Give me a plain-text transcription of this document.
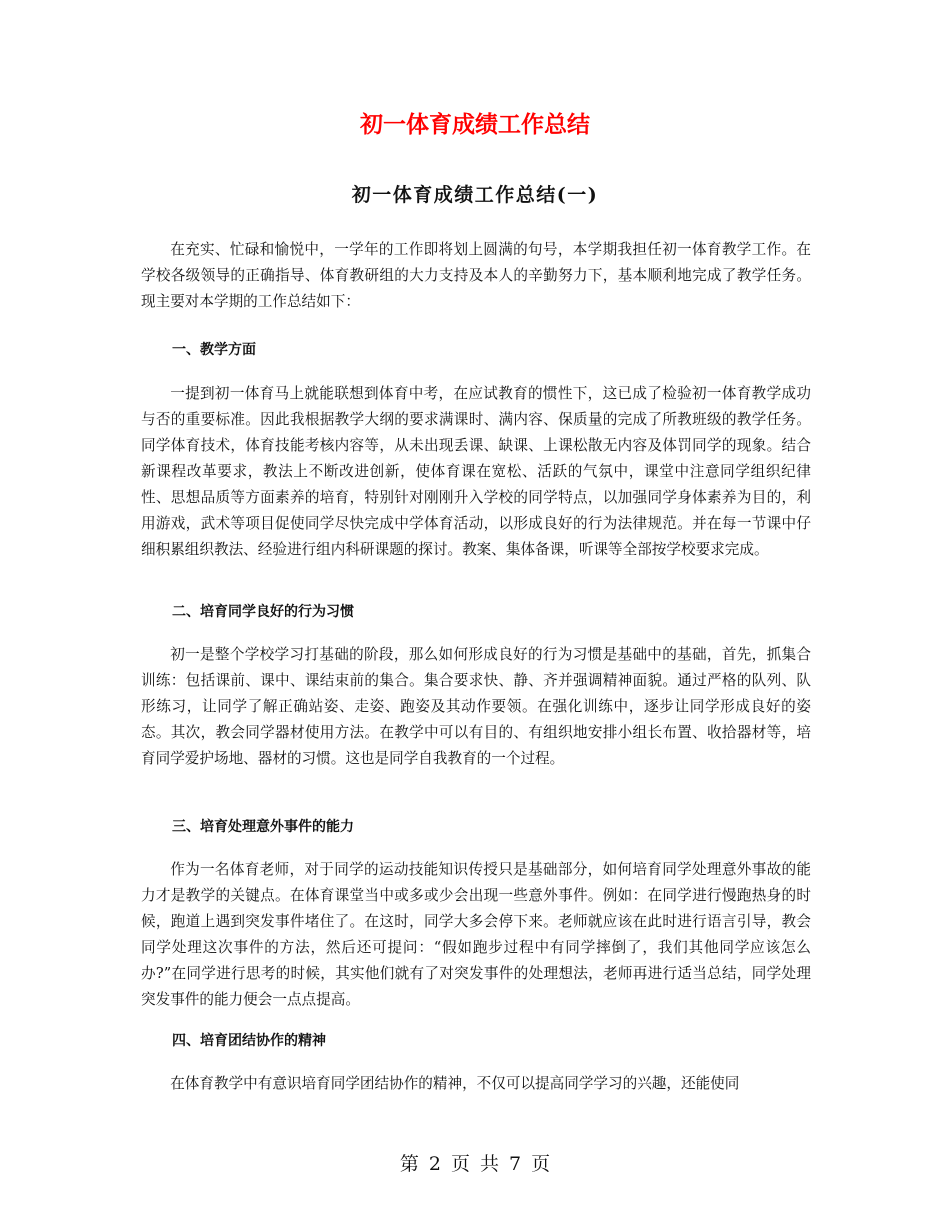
初一体育成绩工作总结
初一体育成绩工作总结(一)

在充实、忙碌和愉悦中，一学年的工作即将划上圆满的句号，本学期我担任初一体育教学工作。在学校各级领导的正确指导、体育教研组的大力支持及本人的辛勤努力下，基本顺利地完成了教学任务。现主要对本学期的工作总结如下：

一、教学方面

一提到初一体育马上就能联想到体育中考，在应试教育的惯性下，这已成了检验初一体育教学成功与否的重要标准。因此我根据教学大纲的要求满课时、满内容、保质量的完成了所教班级的教学任务。同学体育技术，体育技能考核内容等，从未出现丢课、缺课、上课松散无内容及体罚同学的现象。结合新课程改革要求，教法上不断改进创新，使体育课在宽松、活跃的气氛中，课堂中注意同学组织纪律性、思想品质等方面素养的培育，特别针对刚刚升入学校的同学特点，以加强同学身体素养为目的，利用游戏，武术等项目促使同学尽快完成中学体育活动，以形成良好的行为法律规范。并在每一节课中仔细积累组织教法、经验进行组内科研课题的探讨。教案、集体备课，听课等全部按学校要求完成。

二、培育同学良好的行为习惯

初一是整个学校学习打基础的阶段，那么如何形成良好的行为习惯是基础中的基础，首先，抓集合训练：包括课前、课中、课结束前的集合。集合要求快、静、齐并强调精神面貌。通过严格的队列、队形练习，让同学了解正确站姿、走姿、跑姿及其动作要领。在强化训练中，逐步让同学形成良好的姿态。其次，教会同学器材使用方法。在教学中可以有目的、有组织地安排小组长布置、收拾器材等，培育同学爱护场地、器材的习惯。这也是同学自我教育的一个过程。

三、培育处理意外事件的能力

作为一名体育老师，对于同学的运动技能知识传授只是基础部分，如何培育同学处理意外事故的能力才是教学的关键点。在体育课堂当中或多或少会出现一些意外事件。例如：在同学进行慢跑热身的时候，跑道上遇到突发事件堵住了。在这时，同学大多会停下来。老师就应该在此时进行语言引导，教会同学处理这次事件的方法，然后还可提问：“假如跑步过程中有同学摔倒了，我们其他同学应该怎么办?”在同学进行思考的时候，其实他们就有了对突发事件的处理想法，老师再进行适当总结，同学处理突发事件的能力便会一点点提高。

四、培育团结协作的精神

在体育教学中有意识培育同学团结协作的精神，不仅可以提高同学学习的兴趣，还能使同

第 2 页 共 7 页
